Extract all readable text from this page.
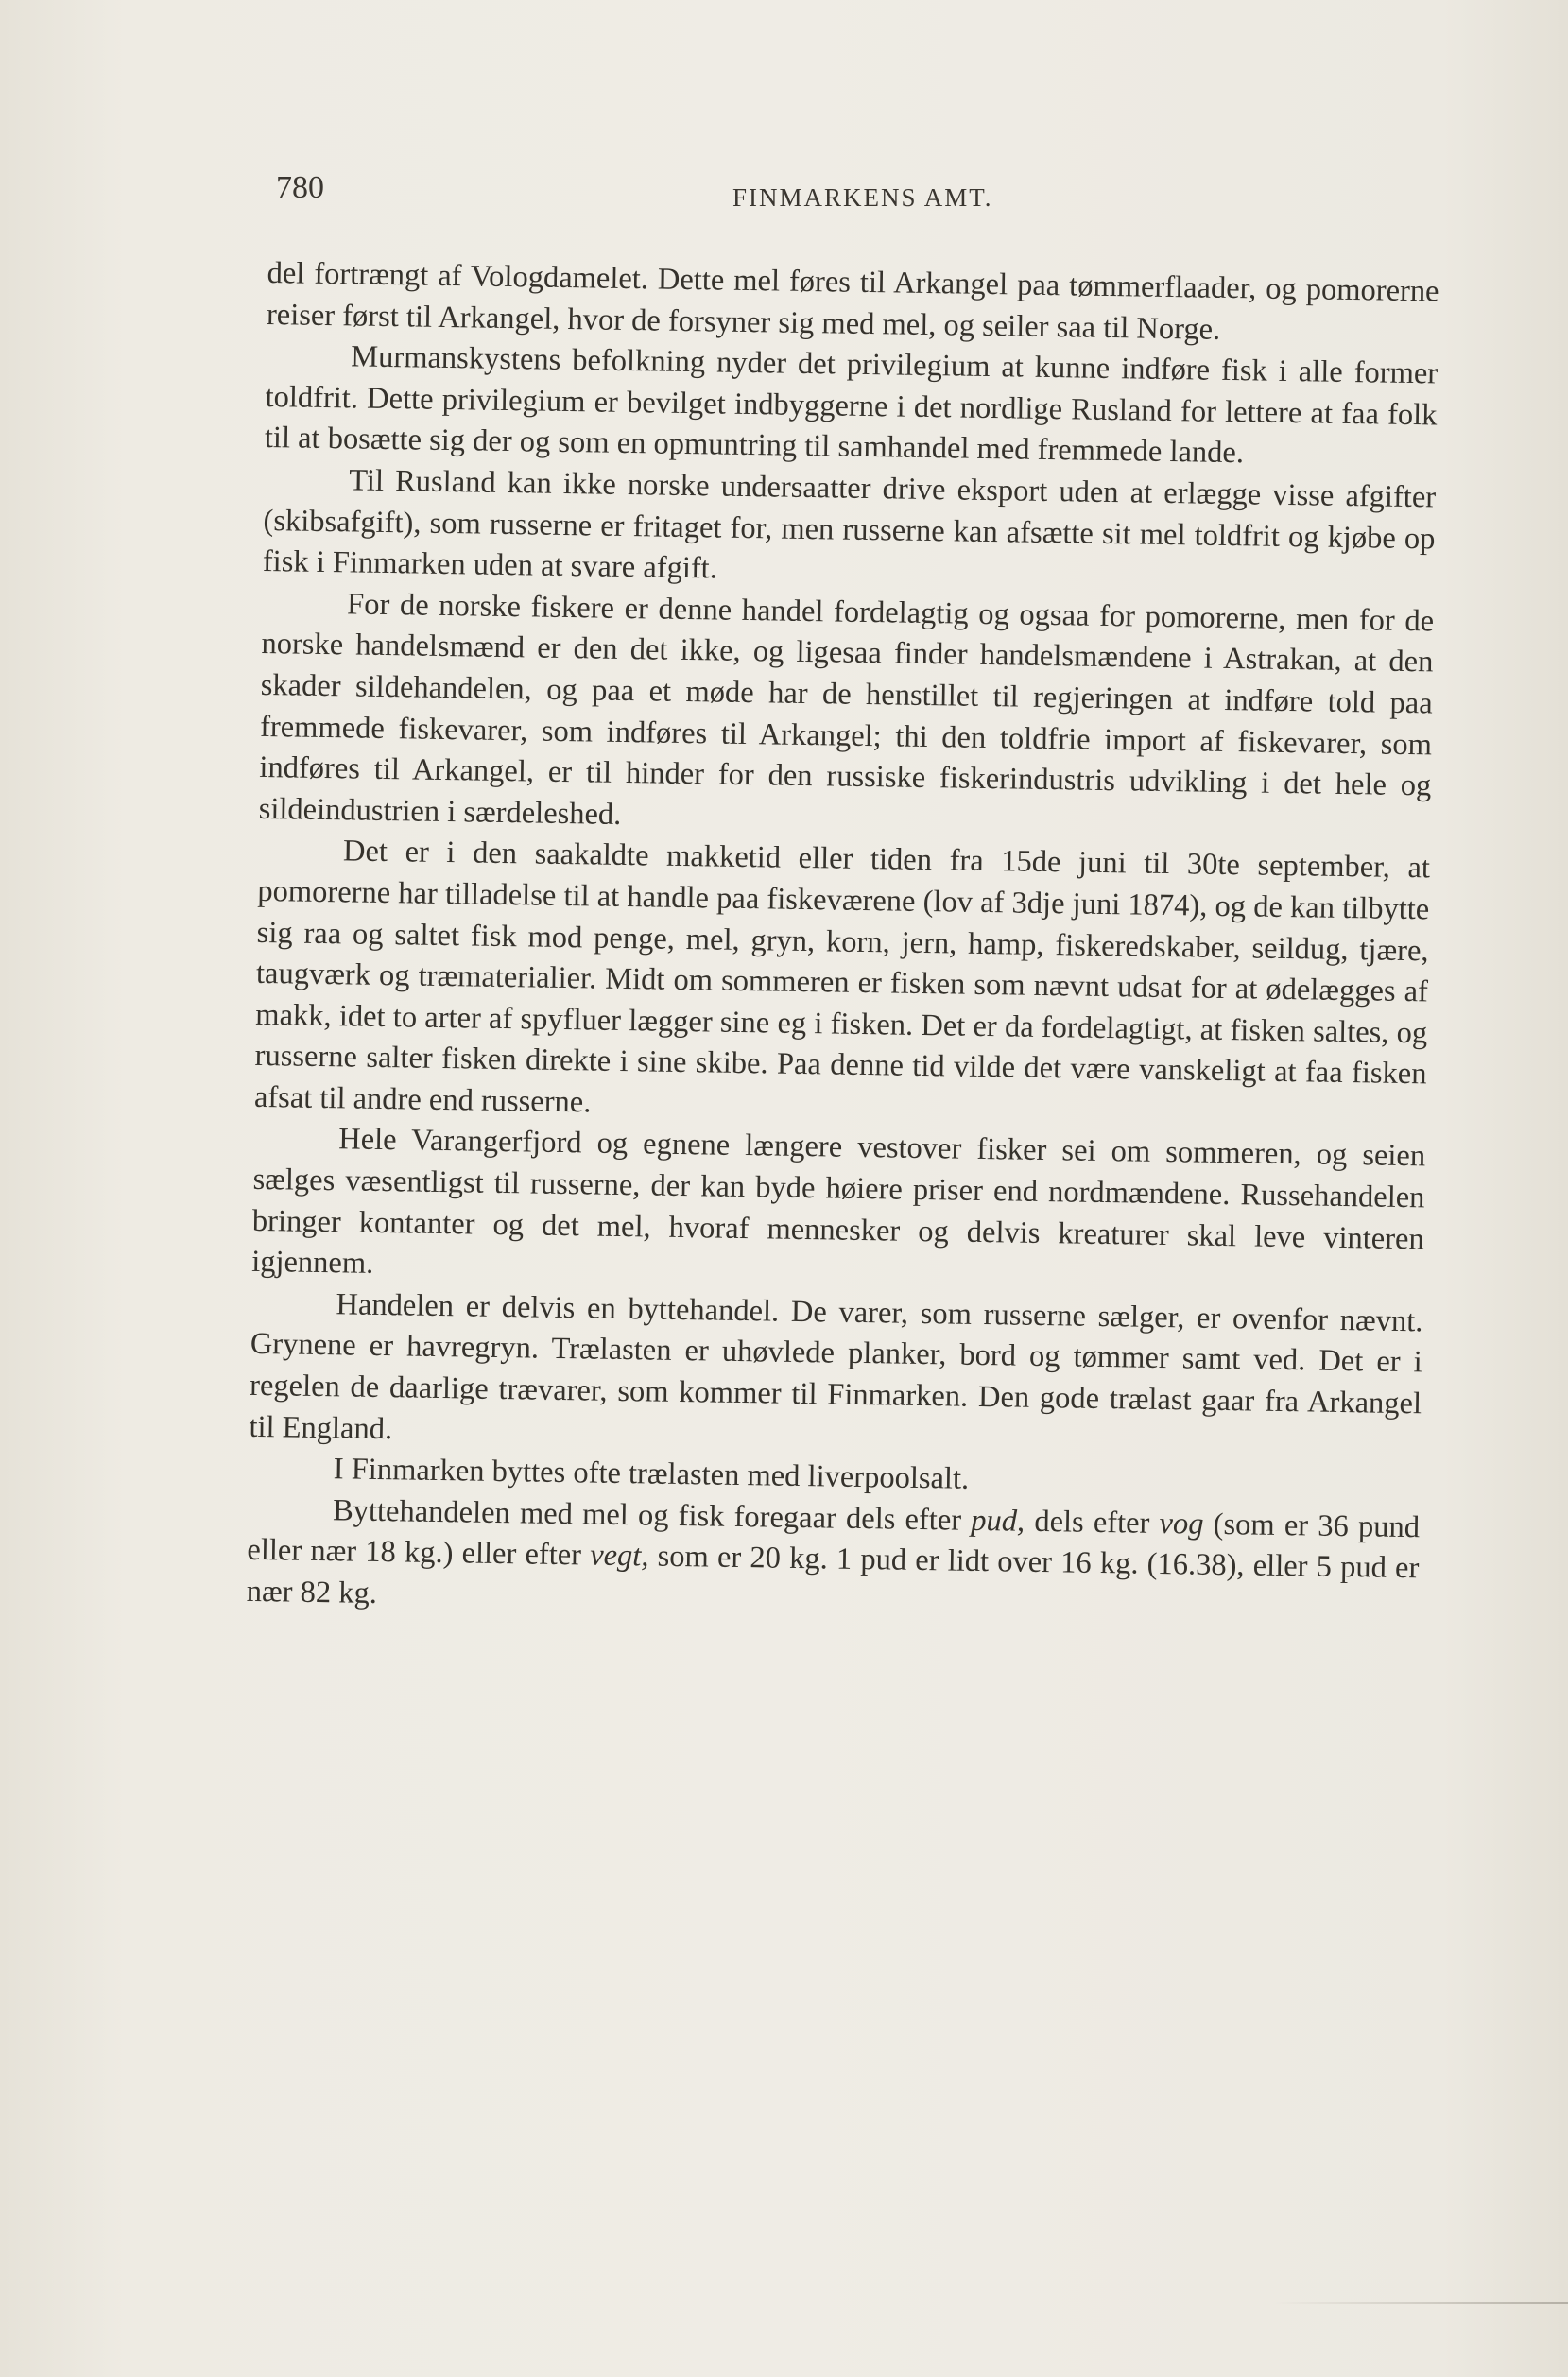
780	FINMARKENS AMT.

del fortrængt af Vologdamelet. Dette mel føres til Arkangel paa tømmerflaader, og pomorerne reiser først til Arkangel, hvor de forsyner sig med mel, og seiler saa til Norge.

Murmanskystens befolkning nyder det privilegium at kunne indføre fisk i alle former toldfrit. Dette privilegium er bevilget indbyggerne i det nordlige Rusland for lettere at faa folk til at bosætte sig der og som en opmuntring til samhandel med fremmede lande.

Til Rusland kan ikke norske undersaatter drive eksport uden at erlægge visse afgifter (skibsafgift), som russerne er fritaget for, men russerne kan afsætte sit mel toldfrit og kjøbe op fisk i Finmarken uden at svare afgift.

For de norske fiskere er denne handel fordelagtig og ogsaa for pomorerne, men for de norske handelsmænd er den det ikke, og ligesaa finder handelsmændene i Astrakan, at den skader sildehandelen, og paa et møde har de henstillet til regjeringen at indføre told paa fremmede fiskevarer, som indføres til Arkangel; thi den toldfrie import af fiskevarer, som indføres til Arkangel, er til hinder for den russiske fiskerindustris udvikling i det hele og sildeindustrien i særdeleshed.

Det er i den saakaldte makketid eller tiden fra 15de juni til 30te september, at pomorerne har tilladelse til at handle paa fiskeværene (lov af 3dje juni 1874), og de kan tilbytte sig raa og saltet fisk mod penge, mel, gryn, korn, jern, hamp, fiskeredskaber, seildug, tjære, taugværk og træmaterialier. Midt om sommeren er fisken som nævnt udsat for at ødelægges af makk, idet to arter af spyfluer lægger sine eg i fisken. Det er da fordelagtigt, at fisken saltes, og russerne salter fisken direkte i sine skibe. Paa denne tid vilde det være vanskeligt at faa fisken afsat til andre end russerne.

Hele Varangerfjord og egnene længere vestover fisker sei om sommeren, og seien sælges væsentligst til russerne, der kan byde høiere priser end nordmændene. Russehandelen bringer kontanter og det mel, hvoraf mennesker og delvis kreaturer skal leve vinteren igjennem.

Handelen er delvis en byttehandel. De varer, som russerne sælger, er ovenfor nævnt. Grynene er havregryn. Trælasten er uhøvlede planker, bord og tømmer samt ved. Det er i regelen de daarlige trævarer, som kommer til Finmarken. Den gode trælast gaar fra Arkangel til England.

I Finmarken byttes ofte trælasten med liverpoolsalt.

Byttehandelen med mel og fisk foregaar dels efter pud, dels efter vog (som er 36 pund eller nær 18 kg.) eller efter vegt, som er 20 kg. 1 pud er lidt over 16 kg. (16.38), eller 5 pud er nær 82 kg.
